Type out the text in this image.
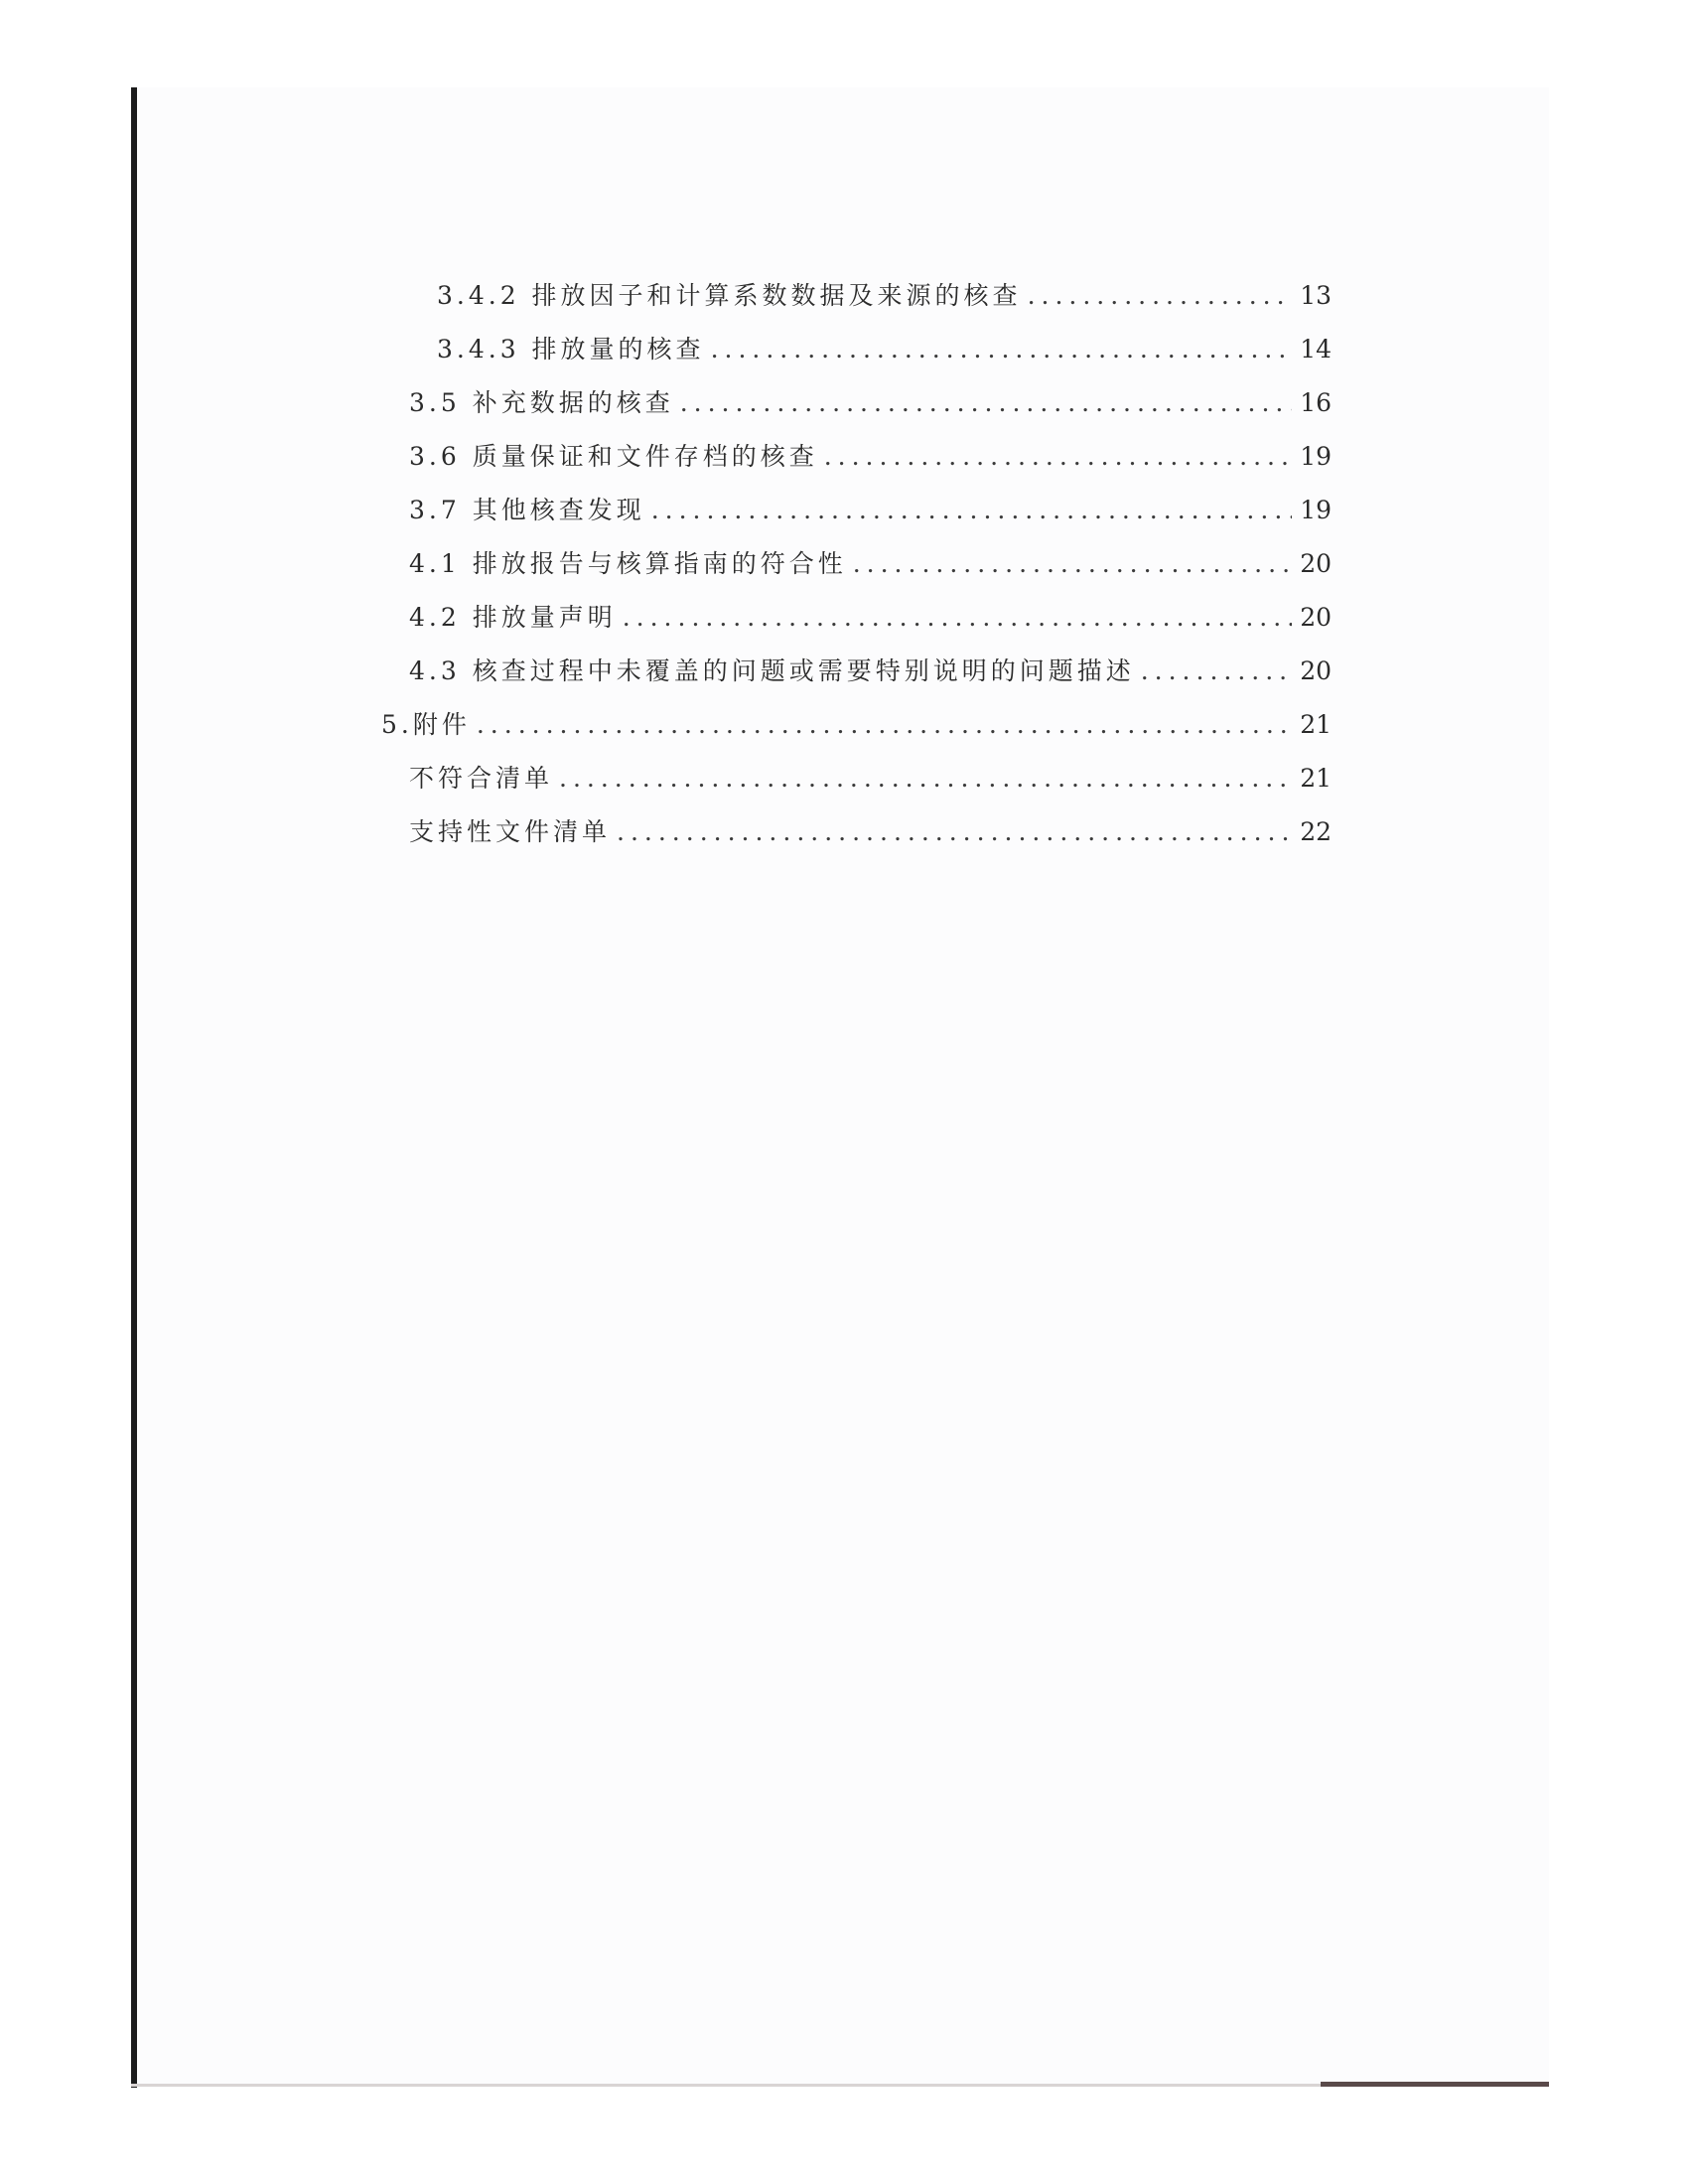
3.4.2 排放因子和计算系数数据及来源的核查 .....	13
3.4.3 排放量的核查 .....	14
3.5 补充数据的核查 .....	16
3.6 质量保证和文件存档的核查 .....	19
3.7 其他核查发现 .....	19
4.1 排放报告与核算指南的符合性 .....	20
4.2 排放量声明 .....	20
4.3 核查过程中未覆盖的问题或需要特别说明的问题描述 .....	20
5.附件 .....	21
不符合清单 .....	21
支持性文件清单 .....	22
